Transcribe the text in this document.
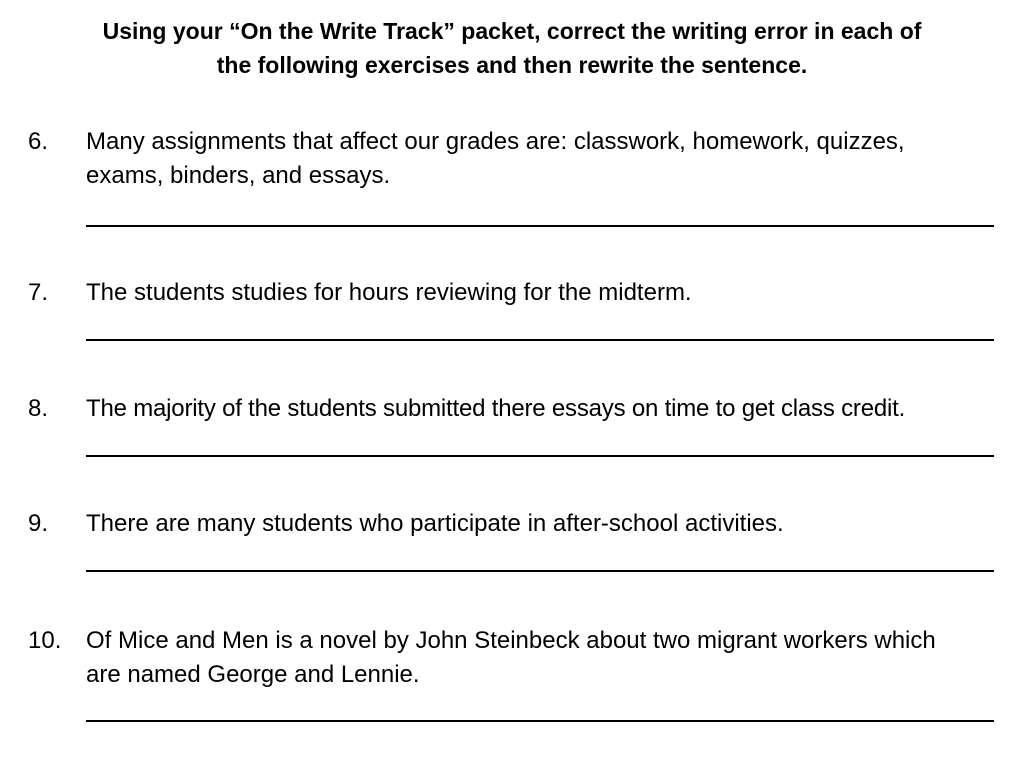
Using your “On the Write Track” packet, correct the writing error in each of
the following exercises and then rewrite the sentence.
6. Many assignments that affect our grades are: classwork, homework, quizzes, exams, binders, and essays.
7. The students studies for hours reviewing for the midterm.
8. The majority of the students submitted there essays on time to get class credit.
9. There are many students who participate in after-school activities.
10. Of Mice and Men is a novel by John Steinbeck about two migrant workers which are named George and Lennie.
